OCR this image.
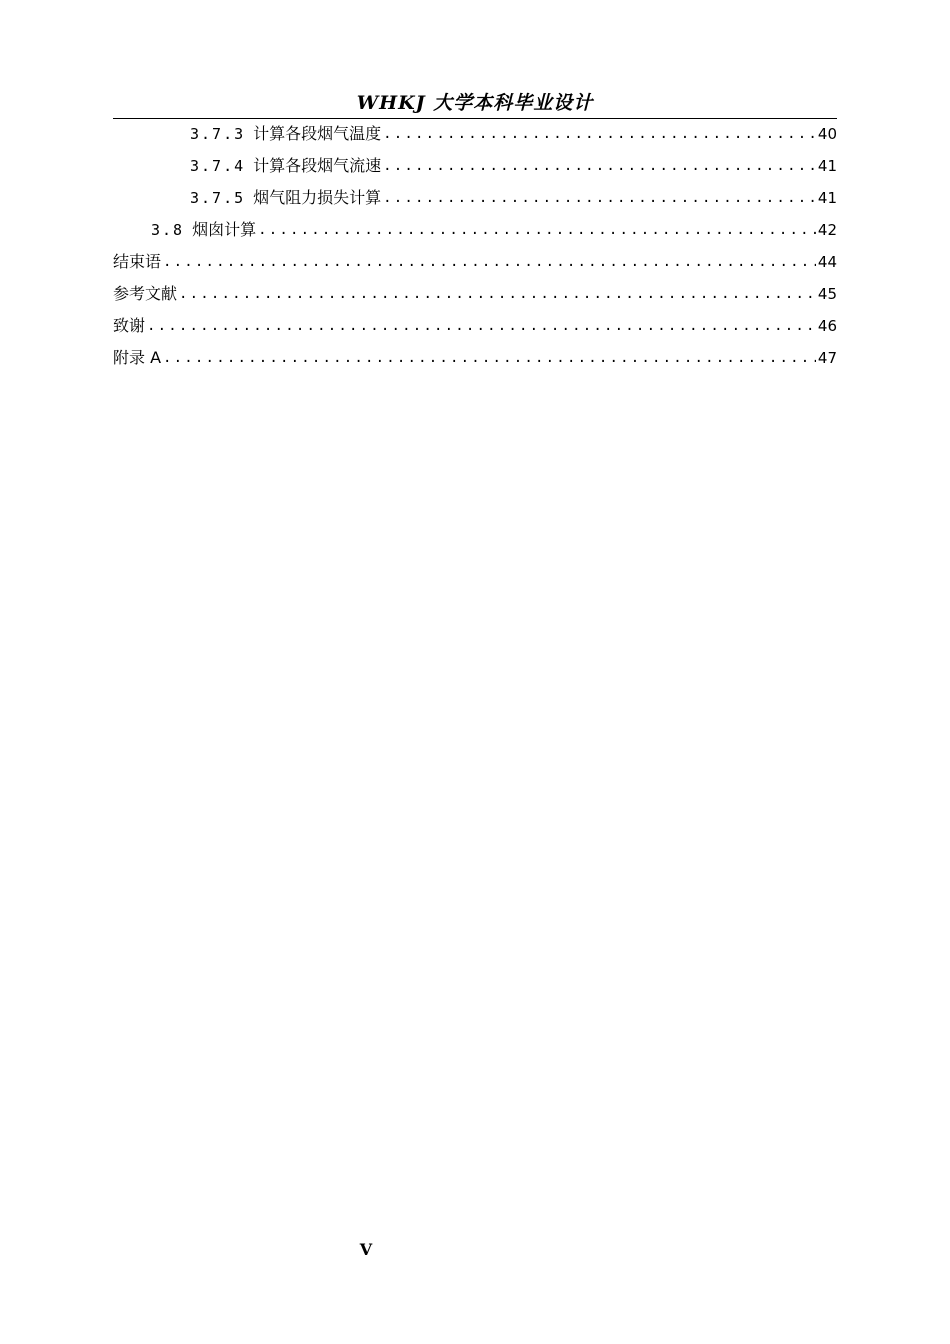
WHKJ 大学本科毕业设计
3.7.3 计算各段烟气温度 .....	40
3.7.4 计算各段烟气流速 .....	41
3.7.5 烟气阻力损失计算 .....	41
3.8 烟囱计算 .....	42
结束语 .....	44
参考文献 .....	45
致谢 .....	46
附录 A .....	47
V
